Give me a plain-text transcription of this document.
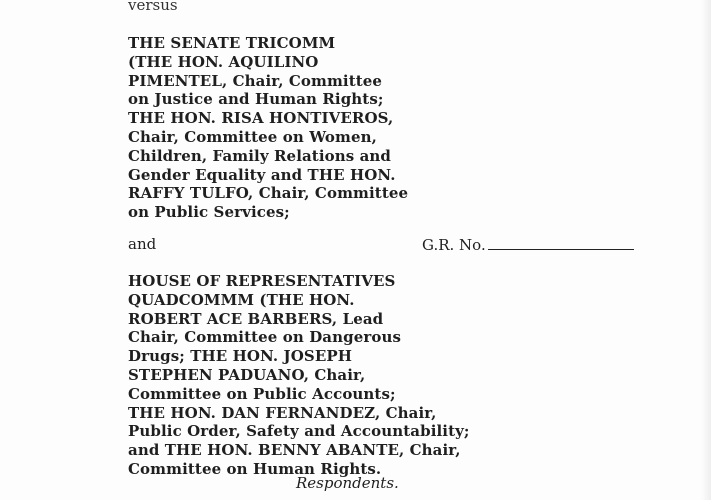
versus
THE SENATE TRICOMM
(THE HON. AQUILINO
PIMENTEL, Chair, Committee
on Justice and Human Rights;
THE HON. RISA HONTIVEROS,
Chair, Committee on Women,
Children, Family Relations and
Gender Equality and THE HON.
RAFFY TULFO, Chair, Committee
on Public Services;
and	G.R. No.
HOUSE OF REPRESENTATIVES
QUADCOMMM (THE HON.
ROBERT ACE BARBERS, Lead
Chair, Committee on Dangerous
Drugs; THE HON. JOSEPH
STEPHEN PADUANO, Chair,
Committee on Public Accounts;
THE HON. DAN FERNANDEZ, Chair,
Public Order, Safety and Accountability;
and THE HON. BENNY ABANTE, Chair,
Committee on Human Rights.
Respondents.
